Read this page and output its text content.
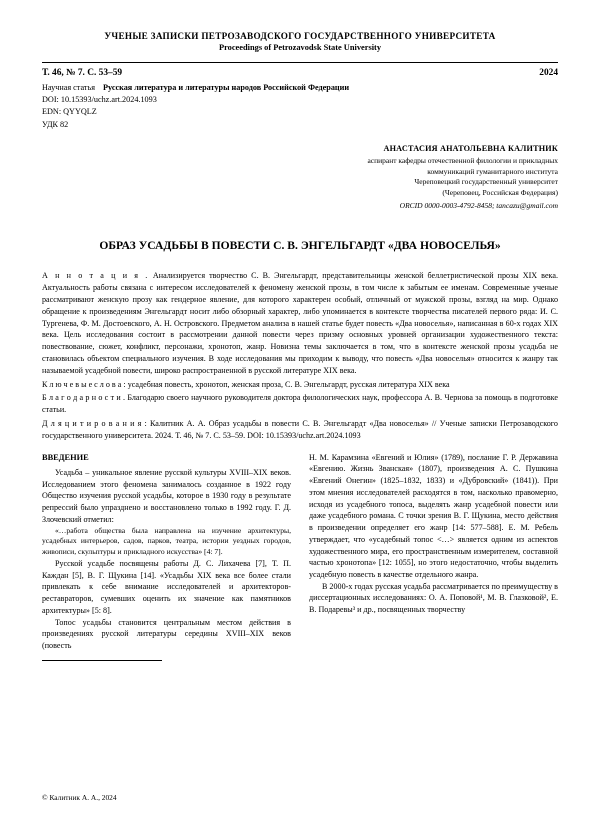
УЧЕНЫЕ ЗАПИСКИ ПЕТРОЗАВОДСКОГО ГОСУДАРСТВЕННОГО УНИВЕРСИТЕТА
Proceedings of Petrozavodsk State University
Т. 46, № 7. С. 53–59	2024
Научная статья Русская литература и литературы народов Российской Федерации
DOI: 10.15393/uchz.art.2024.1093
EDN: QYYQLZ
УДК 82
АНАСТАСИЯ АНАТОЛЬЕВНА КАЛИТНИК
аспирант кафедры отечественной филологии и прикладных
коммуникаций гуманитарного института
Череповецкий государственный университет
(Череповец, Российская Федерация)
ORCID 0000-0003-4792-8458; tancazu@gmail.com
ОБРАЗ УСАДЬБЫ В ПОВЕСТИ С. В. ЭНГЕЛЬГАРДТ «ДВА НОВОСЕЛЬЯ»

А н н о т а ц и я . Анализируется творчество С. В. Энгельгардт, представительницы женской беллетристической прозы XIX века. Актуальность работы связана с интересом исследователей к феномену женской прозы, в том числе к забытым ее именам. Современные ученые рассматривают женскую прозу как гендерное явление, для которого характерен особый, отличный от мужской прозы, взгляд на мир. Однако обращение к произведениям Энгельгардт носит либо обзорный характер, либо упоминается в контексте творчества писателей первого ряда: И. С. Тургенева, Ф. М. Достоевского, А. Н. Островского. Предметом анализа в нашей статье будет повесть «Два новоселья», написанная в 60-х годах XIX века. Цель исследования состоит в рассмотрении данной повести через призму основных уровней организации художественного текста: повествование, сюжет, конфликт, персонажи, хронотоп, жанр. Новизна темы заключается в том, что в контексте женской прозы усадьба не становилась объектом специального изучения. В ходе исследования мы приходим к выводу, что повесть «Два новоселья» относится к жанру так называемой усадебной повести, широко распространенной в русской литературе XIX века.

К л ю ч е в ы е с л о в а : усадебная повесть, хронотоп, женская проза, С. В. Энгельгардт, русская литература XIX века

Б л а г о д а р н о с т и . Благодарю своего научного руководителя доктора филологических наук, профессора А. В. Чернова за помощь в подготовке статьи.

Д л я ц и т и р о в а н и я : Калитник А. А. Образ усадьбы в повести С. В. Энгельгардт «Два новоселья» // Ученые записки Петрозаводского государственного университета. 2024. Т. 46, № 7. С. 53–59. DOI: 10.15393/uchz.art.2024.1093

ВВЕДЕНИЕ

Усадьба – уникальное явление русской культуры XVIII–XIX веков. Исследованием этого феномена занималось созданное в 1922 году Общество изучения русской усадьбы, которое в 1930 году в результате репрессий было упразднено и восстановлено только в 1992 году. Г. Д. Злочевский отметил:

«…работа общества была направлена на изучение архитектуры, усадебных интерьеров, садов, парков, театра, истории уездных городов, живописи, скульптуры и прикладного искусства» [4: 7].

Русской усадьбе посвящены работы Д. С. Лихачева [7], Т. П. Каждан [5], В. Г. Щукина [14]. «Усадьбы XIX века все более стали привлекать к себе внимание исследователей и архитекторов-реставраторов, сумевших оценить их значение как памятников архитектуры» [5: 8].

Топос усадьбы становится центральным местом действия в произведениях русской литературы середины XVIII–XIX веков (повесть

Н. М. Карамзина «Евгений и Юлия» (1789), послание Г. Р. Державина «Евгению. Жизнь Званская» (1807), произведения А. С. Пушкина «Евгений Онегин» (1825–1832, 1833) и «Дубровский» (1841)). При этом мнения исследователей расходятся в том, насколько правомерно, исходя из усадебного топоса, выделять жанр усадебной повести или даже усадебного романа. С точки зрения В. Г. Щукина, место действия в произведении определяет его жанр [14: 577–588]. Е. М. Ребель утверждает, что «усадебный топос <…> является одним из аспектов художественного мира, его пространственным измерителем, составной частью хронотопа» [12: 1055], но этого недостаточно, чтобы выделить усадебную повесть в качестве отдельного жанра.

В 2000-х годах русская усадьба рассматривается по преимуществу в диссертационных исследованиях: О. А. Поповой¹, М. В. Глазковой², Е. В. Подаревы³ и др., посвященных творчеству

© Калитник А. А., 2024
